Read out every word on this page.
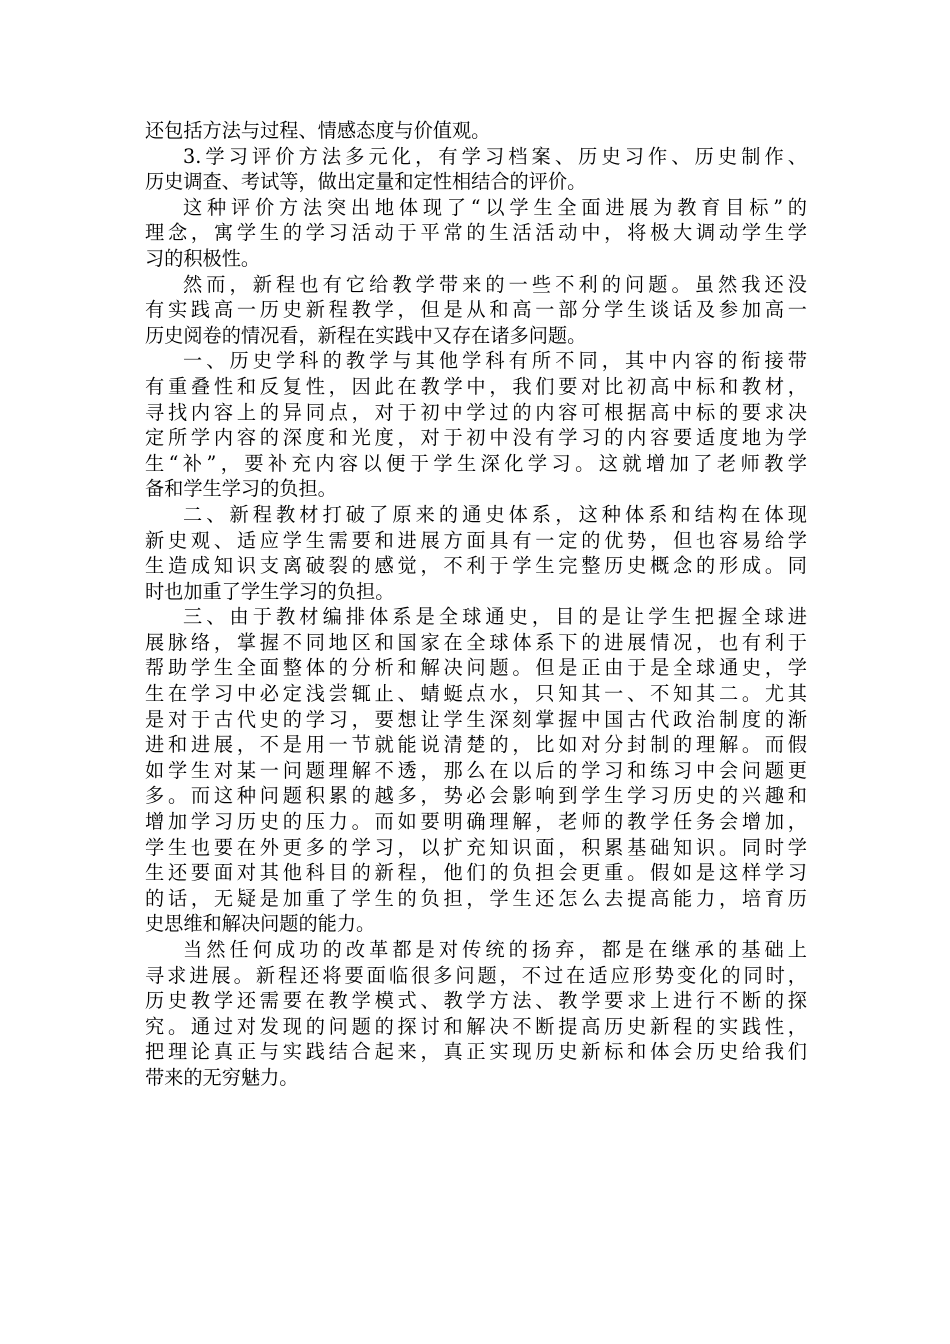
还包括方法与过程、情感态度与价值观。
3.学习评价方法多元化，有学习档案、历史习作、历史制作、
历史调查、考试等，做出定量和定性相结合的评价。
这种评价方法突出地体现了“以学生全面进展为教育目标”的
理念，寓学生的学习活动于平常的生活活动中，将极大调动学生学
习的积极性。
然而，新程也有它给教学带来的一些不利的问题。虽然我还没
有实践高一历史新程教学，但是从和高一部分学生谈话及参加高一
历史阅卷的情况看，新程在实践中又存在诸多问题。
一、历史学科的教学与其他学科有所不同，其中内容的衔接带
有重叠性和反复性，因此在教学中，我们要对比初高中标和教材，
寻找内容上的异同点，对于初中学过的内容可根据高中标的要求决
定所学内容的深度和光度，对于初中没有学习的内容要适度地为学
生“补”，要补充内容以便于学生深化学习。这就增加了老师教学
备和学生学习的负担。
二、新程教材打破了原来的通史体系，这种体系和结构在体现
新史观、适应学生需要和进展方面具有一定的优势，但也容易给学
生造成知识支离破裂的感觉，不利于学生完整历史概念的形成。同
时也加重了学生学习的负担。
三、由于教材编排体系是全球通史，目的是让学生把握全球进
展脉络，掌握不同地区和国家在全球体系下的进展情况，也有利于
帮助学生全面整体的分析和解决问题。但是正由于是全球通史，学
生在学习中必定浅尝辄止、蜻蜓点水，只知其一、不知其二。尤其
是对于古代史的学习，要想让学生深刻掌握中国古代政治制度的渐
进和进展，不是用一节就能说清楚的，比如对分封制的理解。而假
如学生对某一问题理解不透，那么在以后的学习和练习中会问题更
多。而这种问题积累的越多，势必会影响到学生学习历史的兴趣和
增加学习历史的压力。而如要明确理解，老师的教学任务会增加，
学生也要在外更多的学习，以扩充知识面，积累基础知识。同时学
生还要面对其他科目的新程，他们的负担会更重。假如是这样学习
的话，无疑是加重了学生的负担，学生还怎么去提高能力，培育历
史思维和解决问题的能力。
当然任何成功的改革都是对传统的扬弃，都是在继承的基础上
寻求进展。新程还将要面临很多问题，不过在适应形势变化的同时，
历史教学还需要在教学模式、教学方法、教学要求上进行不断的探
究。通过对发现的问题的探讨和解决不断提高历史新程的实践性，
把理论真正与实践结合起来，真正实现历史新标和体会历史给我们
带来的无穷魅力。
